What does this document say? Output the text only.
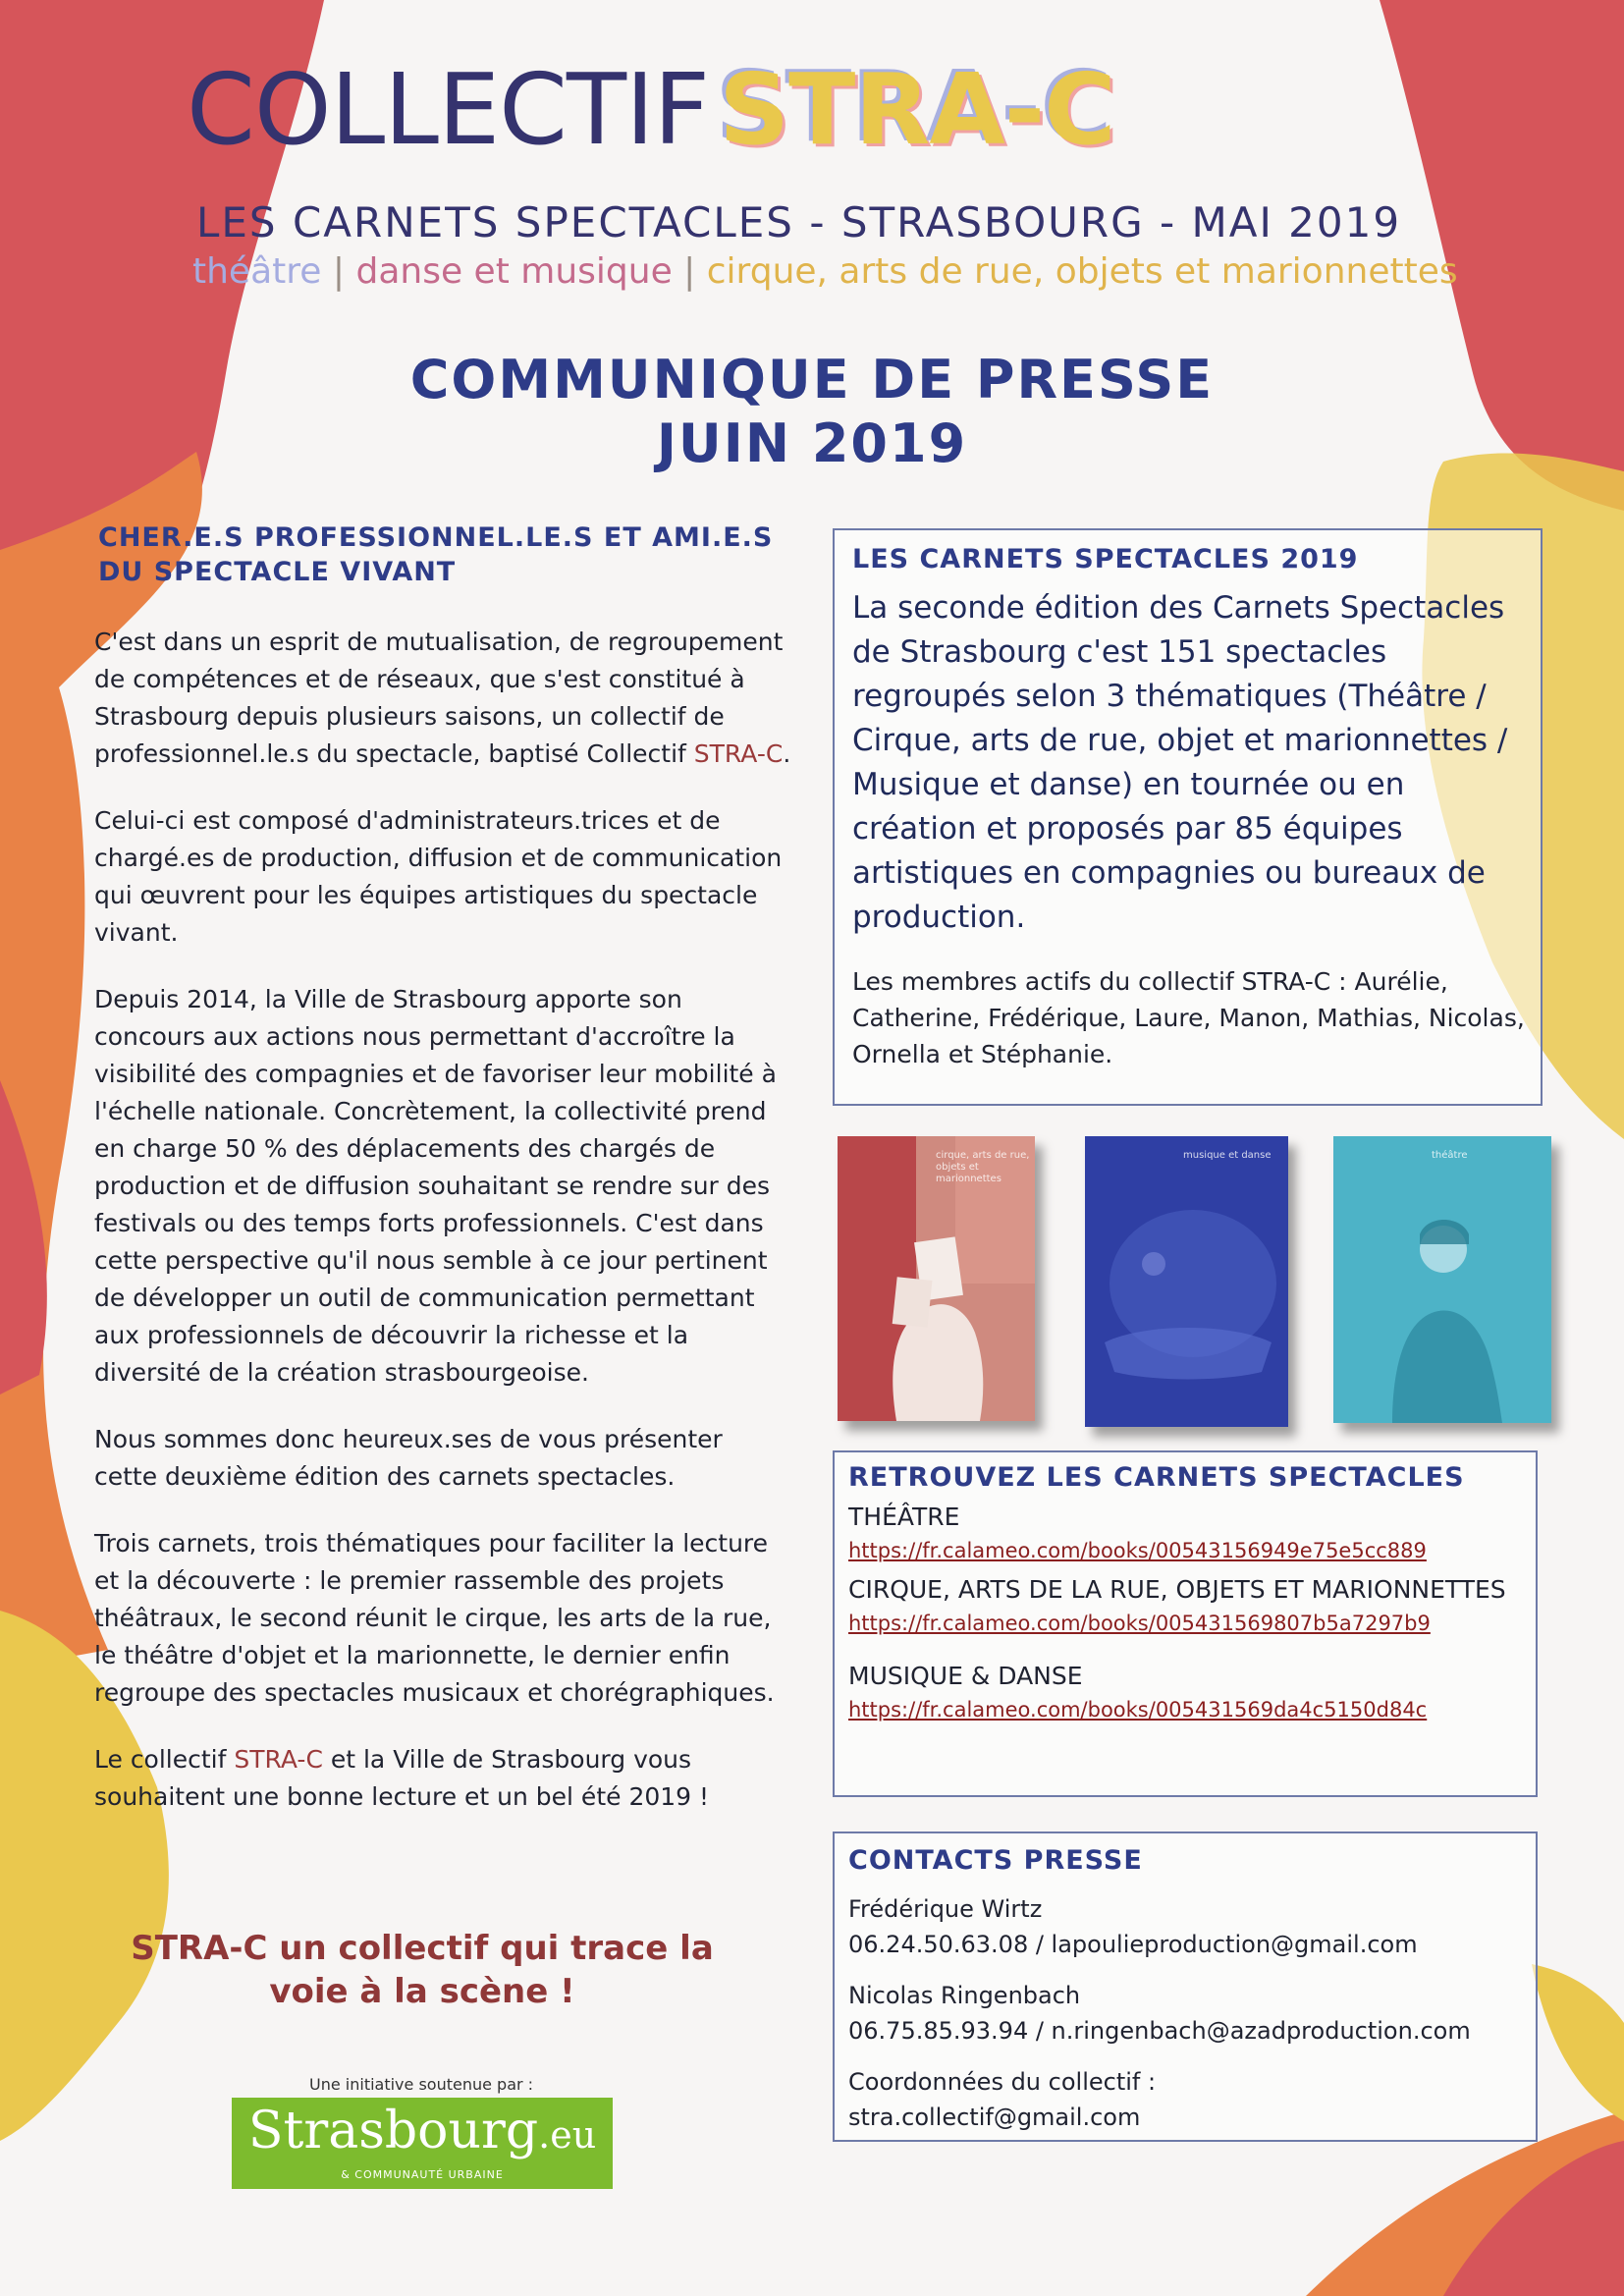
COLLECTIF STRA-C
LES CARNETS SPECTACLES - STRASBOURG - MAI 2019
théâtre | danse et musique | cirque, arts de rue, objets et marionnettes
COMMUNIQUE DE PRESSE
JUIN 2019
CHER.E.S PROFESSIONNEL.LE.S ET AMI.E.S
DU SPECTACLE VIVANT

C'est dans un esprit de mutualisation, de regroupement de compétences et de réseaux, que s'est constitué à Strasbourg depuis plusieurs saisons, un collectif de professionnel.le.s du spectacle, baptisé Collectif STRA-C.

Celui-ci est composé d'administrateurs.trices et de chargé.es de production, diffusion et de communication qui œuvrent pour les équipes artistiques du spectacle vivant.

Depuis 2014, la Ville de Strasbourg apporte son concours aux actions nous permettant d'accroître la visibilité des compagnies et de favoriser leur mobilité à l'échelle nationale. Concrètement, la collectivité prend en charge 50 % des déplacements des chargés de production et de diffusion souhaitant se rendre sur des festivals ou des temps forts professionnels. C'est dans cette perspective qu'il nous semble à ce jour pertinent de développer un outil de communication permettant aux professionnels de découvrir la richesse et la diversité de la création strasbourgeoise.

Nous sommes donc heureux.ses de vous présenter cette deuxième édition des carnets spectacles.

Trois carnets, trois thématiques pour faciliter la lecture et la découverte : le premier rassemble des projets théâtraux, le second réunit le cirque, les arts de la rue, le théâtre d'objet et la marionnette, le dernier enfin regroupe des spectacles musicaux et chorégraphiques.

Le collectif STRA-C et la Ville de Strasbourg vous souhaitent une bonne lecture et un bel été 2019 !

STRA-C un collectif qui trace la
voie à la scène !
Une initiative soutenue par :
Strasbourg.eu
& COMMUNAUTÉ URBAINE
LES CARNETS SPECTACLES 2019
La seconde édition des Carnets Spectacles de Strasbourg c'est 151 spectacles regroupés selon 3 thématiques (Théâtre / Cirque, arts de rue, objet et marionnettes / Musique et danse) en tournée ou en création et proposés par 85 équipes artistiques en compagnies ou bureaux de production.
Les membres actifs du collectif STRA-C : Aurélie, Catherine, Frédérique, Laure, Manon, Mathias, Nicolas, Ornella et Stéphanie.
cirque, arts de rue, objets et marionnettes
musique et danse	théâtre
RETROUVEZ LES CARNETS SPECTACLES
THÉÂTRE
https://fr.calameo.com/books/00543156949e75e5cc889
CIRQUE, ARTS DE LA RUE, OBJETS ET MARIONNETTES
https://fr.calameo.com/books/005431569807b5a7297b9
MUSIQUE & DANSE
https://fr.calameo.com/books/005431569da4c5150d84c
CONTACTS PRESSE
Frédérique Wirtz
06.24.50.63.08 / lapoulieproduction@gmail.com
Nicolas Ringenbach
06.75.85.93.94 / n.ringenbach@azadproduction.com
Coordonnées du collectif :
stra.collectif@gmail.com
